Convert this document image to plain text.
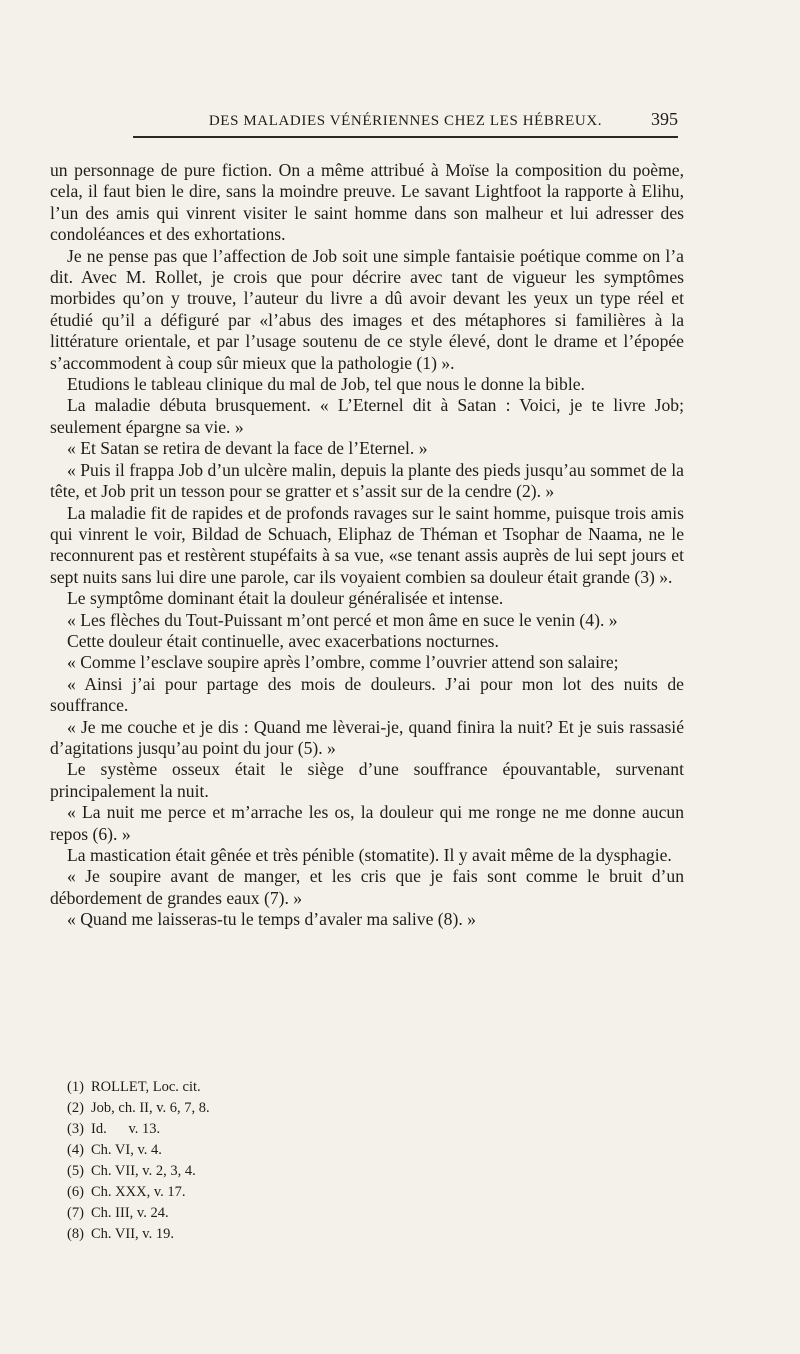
DES MALADIES VÉNÉRIENNES CHEZ LES HÉBREUX.	395

un personnage de pure fiction. On a même attribué à Moïse la composition du poème, cela, il faut bien le dire, sans la moindre preuve. Le savant Lightfoot la rapporte à Elihu, l’un des amis qui vinrent visiter le saint homme dans son malheur et lui adresser des condoléances et des exhortations.

Je ne pense pas que l’affection de Job soit une simple fantaisie poétique comme on l’a dit. Avec M. Rollet, je crois que pour décrire avec tant de vigueur les symptômes morbides qu’on y trouve, l’auteur du livre a dû avoir devant les yeux un type réel et étudié qu’il a défiguré par «l’abus des images et des métaphores si familières à la littérature orientale, et par l’usage soutenu de ce style élevé, dont le drame et l’épopée s’accommodent à coup sûr mieux que la pathologie (1) ».

Etudions le tableau clinique du mal de Job, tel que nous le donne la bible.

La maladie débuta brusquement. « L’Eternel dit à Satan : Voici, je te livre Job; seulement épargne sa vie. »

« Et Satan se retira de devant la face de l’Eternel. »

« Puis il frappa Job d’un ulcère malin, depuis la plante des pieds jusqu’au sommet de la tête, et Job prit un tesson pour se gratter et s’assit sur de la cendre (2). »

La maladie fit de rapides et de profonds ravages sur le saint homme, puisque trois amis qui vinrent le voir, Bildad de Schuach, Eliphaz de Théman et Tsophar de Naama, ne le reconnurent pas et restèrent stupéfaits à sa vue, «se tenant assis auprès de lui sept jours et sept nuits sans lui dire une parole, car ils voyaient combien sa douleur était grande (3) ».

Le symptôme dominant était la douleur généralisée et intense.

« Les flèches du Tout-Puissant m’ont percé et mon âme en suce le venin (4). »

Cette douleur était continuelle, avec exacerbations nocturnes.

« Comme l’esclave soupire après l’ombre, comme l’ouvrier attend son salaire;

« Ainsi j’ai pour partage des mois de douleurs. J’ai pour mon lot des nuits de souffrance.

« Je me couche et je dis : Quand me lèverai-je, quand finira la nuit? Et je suis rassasié d’agitations jusqu’au point du jour (5). »

Le système osseux était le siège d’une souffrance épouvantable, survenant principalement la nuit.

« La nuit me perce et m’arrache les os, la douleur qui me ronge ne me donne aucun repos (6). »

La mastication était gênée et très pénible (stomatite). Il y avait même de la dysphagie.

« Je soupire avant de manger, et les cris que je fais sont comme le bruit d’un débordement de grandes eaux (7). »

« Quand me laisseras-tu le temps d’avaler ma salive (8). »

(1) ROLLET, Loc. cit.
(2) Job, ch. II, v. 6, 7, 8.
(3) Id.      v. 13.
(4) Ch. VI, v. 4.
(5) Ch. VII, v. 2, 3, 4.
(6) Ch. XXX, v. 17.
(7) Ch. III, v. 24.
(8) Ch. VII, v. 19.
